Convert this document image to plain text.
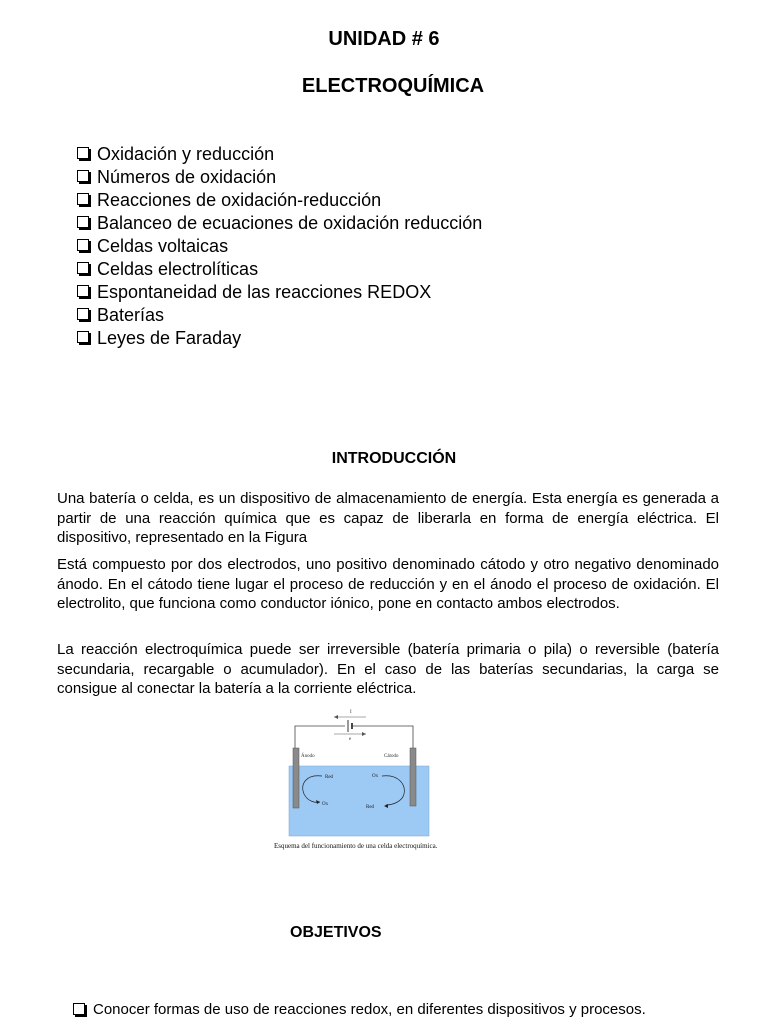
UNIDAD # 6
ELECTROQUÍMICA
Oxidación y reducción
Números de oxidación
Reacciones de oxidación-reducción
Balanceo de ecuaciones de oxidación reducción
Celdas voltaicas
Celdas electrolíticas
Espontaneidad de las reacciones REDOX
Baterías
Leyes de Faraday
INTRODUCCIÓN

Una batería o celda, es un dispositivo de almacenamiento de energía. Esta energía es generada a partir de una reacción química que es capaz de liberarla en forma de energía eléctrica. El dispositivo, representado en la Figura

Está compuesto por dos electrodos, uno positivo denominado cátodo y otro negativo denominado ánodo. En el cátodo tiene lugar el proceso de reducción y en el ánodo el proceso de oxidación. El electrolito, que funciona como conductor iónico, pone en contacto ambos electrodos.

La reacción electroquímica puede ser irreversible (batería primaria o pila) o reversible (batería secundaria, recargable o acumulador). En el caso de las baterías secundarias, la carga se consigue al conectar la batería a la corriente eléctrica.

I
e
Ánodo	Cátodo
Red
Ox
Ox
Red
Esquema del funcionamiento de una celda electroquímica.
OBJETIVOS
Conocer formas de uso de reacciones redox, en diferentes dispositivos y procesos.
